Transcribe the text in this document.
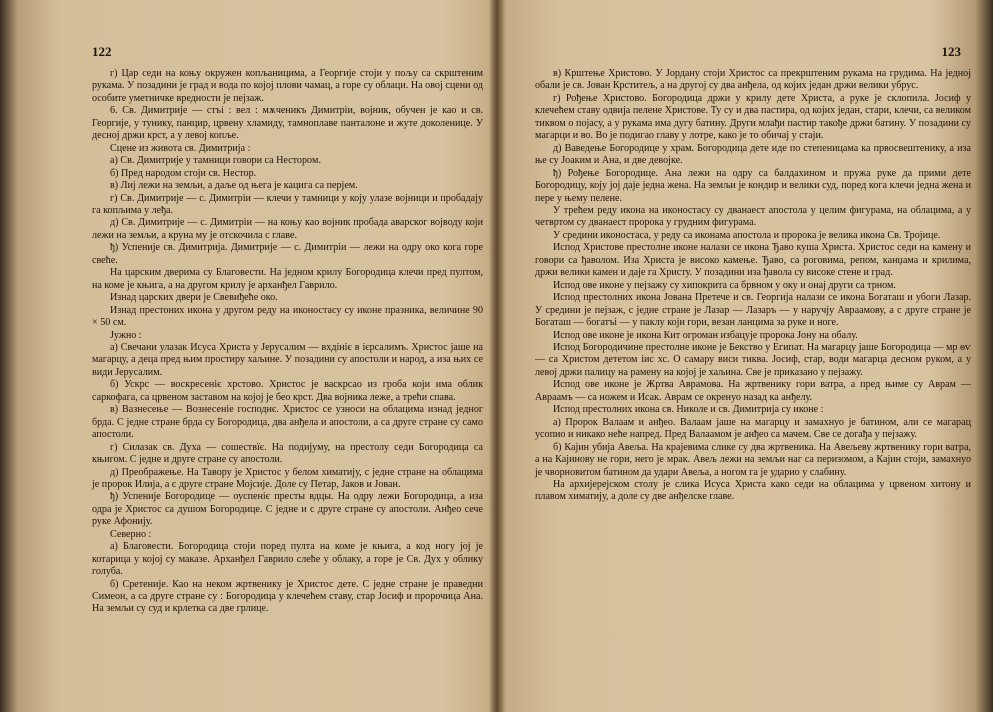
122

г) Цар седи на коњу окружен копљаницима, а Георгије стоји у пољу са скрштеним рукама. У позадини је град и вода по којој плови чамац, а горе су облаци. На овој сцени од особите уметничке вредности је пејзаж.

6. Св. Димитрије — стъі : вел : мѫченикъ Димитріи, војник, обучен је као и св. Георгије, у тунику, панцир, црвену хламиду, тамноплаве панталоне и жуте доколенице. У десној држи крст, а у левој копље.

Сцене из живота св. Димитрија :

а) Св. Димитрије у тамници говори са Несторoм.

б) Пред народом стоји св. Нестор.

в) Лиј лежи на земљи, а даље од њега је кацига са перјем.

г) Св. Димитрије — с. Димитріи — клечи у тамници у коју улазе војници и пробадају га копљима у леђа.

д) Св. Димитрије — с. Димитріи — на коњу као војник пробада аварског војводу који лежи на земљи, а круна му је отскочила с главе.

ђ) Успеније св. Димитрија. Димитрије — с. Димитріи — лежи на одру око кога горе свеће.

На царским дверима су Благовести. На једном крилу Богородица клечи пред пултом, на коме је књига, а на другом крилу је арханђел Гаврило.

Изнад царских двери је Свевиђеће око.

Изнад престоних икона у другом реду на иконостасу су иконе празника, величине 90 × 50 см.

Јужно :

а) Свечани улазак Исуса Христа у Јерусалим — вхдініє в ієрсалимъ. Христос јаше на магарцу, а деца пред њим простиру хаљине. У позадини су апостоли и народ, а иза њих се види Јерусалим.

б) Ускрс — воскресеніє хрстово. Христос је васкрсао из гроба који има облик саркофага, са црвеном заставом на којој је беo крст. Два војника леже, а трећи спава.

в) Вазнесење — Вознесеніе господнє. Христос се узноси на облацима изнад једног брда. С једне стране брда су Богородица, два анђела и апостоли, а са друге стране су само апостоли.

г) Силазак св. Духа — сошествїє. На подијуму, на престолу седи Богородица са књигом. С једне и друге стране су апостоли.

д) Преображење. На Тавору је Христос у белом химатију, с једне стране на облацима је пророк Илија, а с друге стране Мојсије. Доле су Петар, Јаков и Јован.

ђ) Успеније Богородице — оуспеніє престы вдцы. На одру лежи Богородица, а иза одра је Христос са душом Богородице. С једне и с друге стране су апостоли. Анђео сече руке Афонију.

Северно :

а) Благовести. Богородица стоји поред пулта на коме је књига, а код ногу јој је котарица у којој су маказе. Арханђел Гаврило слеће у облаку, а горе је Св. Дух у облику голуба.

б) Сретеније. Као на неком жртвенику је Христос дете. С једне стране је праведни Симеон, а са друге стране су : Богородица у клечећем ставу, стар Јосиф и пророчица Ана. На земљи су суд и крлетка са две грлице.

123

в) Крштење Христово. У Јордану стоји Христос са прекрштеним рукама на грудима. На једној обали је св. Јован Крститељ, а на другој су два анђела, од којих један држи велики убрус.

г) Рођење Христово. Богородица држи у крилу дете Христа, а руке је склопила. Јосиф у клечећем ставу одвија пелене Христове. Ту су и два пастира, од којих један, стари, клечи, са великом тиквом о појасу, а у рукама има дугу батину. Други млађи пастир такође држи батину. У позадини су магарци и во. Во је подигао главу у лотре, како је то обичај у стаји.

д) Ваведење Богородице у храм. Богородица дете иде по степеницама ка првосвештенику, а иза ње су Јоаким и Ана, и две девојке.

ђ) Рођење Богородице. Ана лежи на одру са балдахином и пружа руке да прими дете Богородицу, коју јој даје једна жена. На земљи је кондир и велики суд, поред кога клечи једна жена и пере у њему пелене.

У трећем реду икона на иконостасу су дванаест апостола у целим фигурама, на облацима, а у четвртом су дванаест пророка у грудним фигурама.

У средини иконостаса, у реду са иконама апостола и пророка је велика икона Св. Тројице.

Испод Христове престолне иконе налази се икона Ђаво куша Христа. Христос седи на камену и говори са ђаволом. Иза Христа је високо камење. Ђаво, са роговима, репом, канџама и крилима, држи велики камен и даје га Христу. У позадини иза ђавола су високе стене и град.

Испод ове иконе у пејзажу су хипокрита са брвном у оку и онај други са трном.

Испод престолних икона Јована Претече и св. Георгија налази се икона Богаташ и убоги Лазар. У средини је пејзаж, с једне стране је Лазар — Лазаръ — у наручју Авраамову, а с друге стране је Богаташ — богатъі — у паклу који гори, везан ланцима за руке и ноге.

Испод ове иконе је икона Кит огроман избацује пророка Јону на обалу.

Испод Богородичине престолне иконе је Бекство у Египат. На магарцу јаше Богородица — мр ѳѵ — са Христом дететом іис хс. О самару виси тиква. Јосиф, стар, води магарца десном руком, а у левој држи палицу на рамену на којој је хаљина. Све је приказано у пејзажу.

Испод ове иконе је Жртва Аврамова. На жртвенику гори ватра, а пред њиме су Аврам — Авраамъ — са ножем и Исак. Аврам се окренуо назад ка анђелу.

Испод престолних икона св. Николе и св. Димитрија су иконе :

а) Пророк Валаам и анђео. Валаам јаше на магарцу и замахнуо је батином, али се магарац усопио и никако неће напред. Пред Валаамом је анђео са мачем. Све се догађа у пејзажу.

б) Кајин убија Авеља. На крајевима слике су два жртвеника. На Авељеву жртвенику гори ватра, а на Кајинову не гори, него је мрак. Авељ лежи на земљи наг са перизомом, а Кајин стоји, замахнуо је чворновитом батином да удари Авеља, а ногом га је ударио у слабину.

На архијерејском столу је слика Исуса Христа како седи на облацима у црвеном хитону и плавом химатију, а доле су две анђелске главе.
